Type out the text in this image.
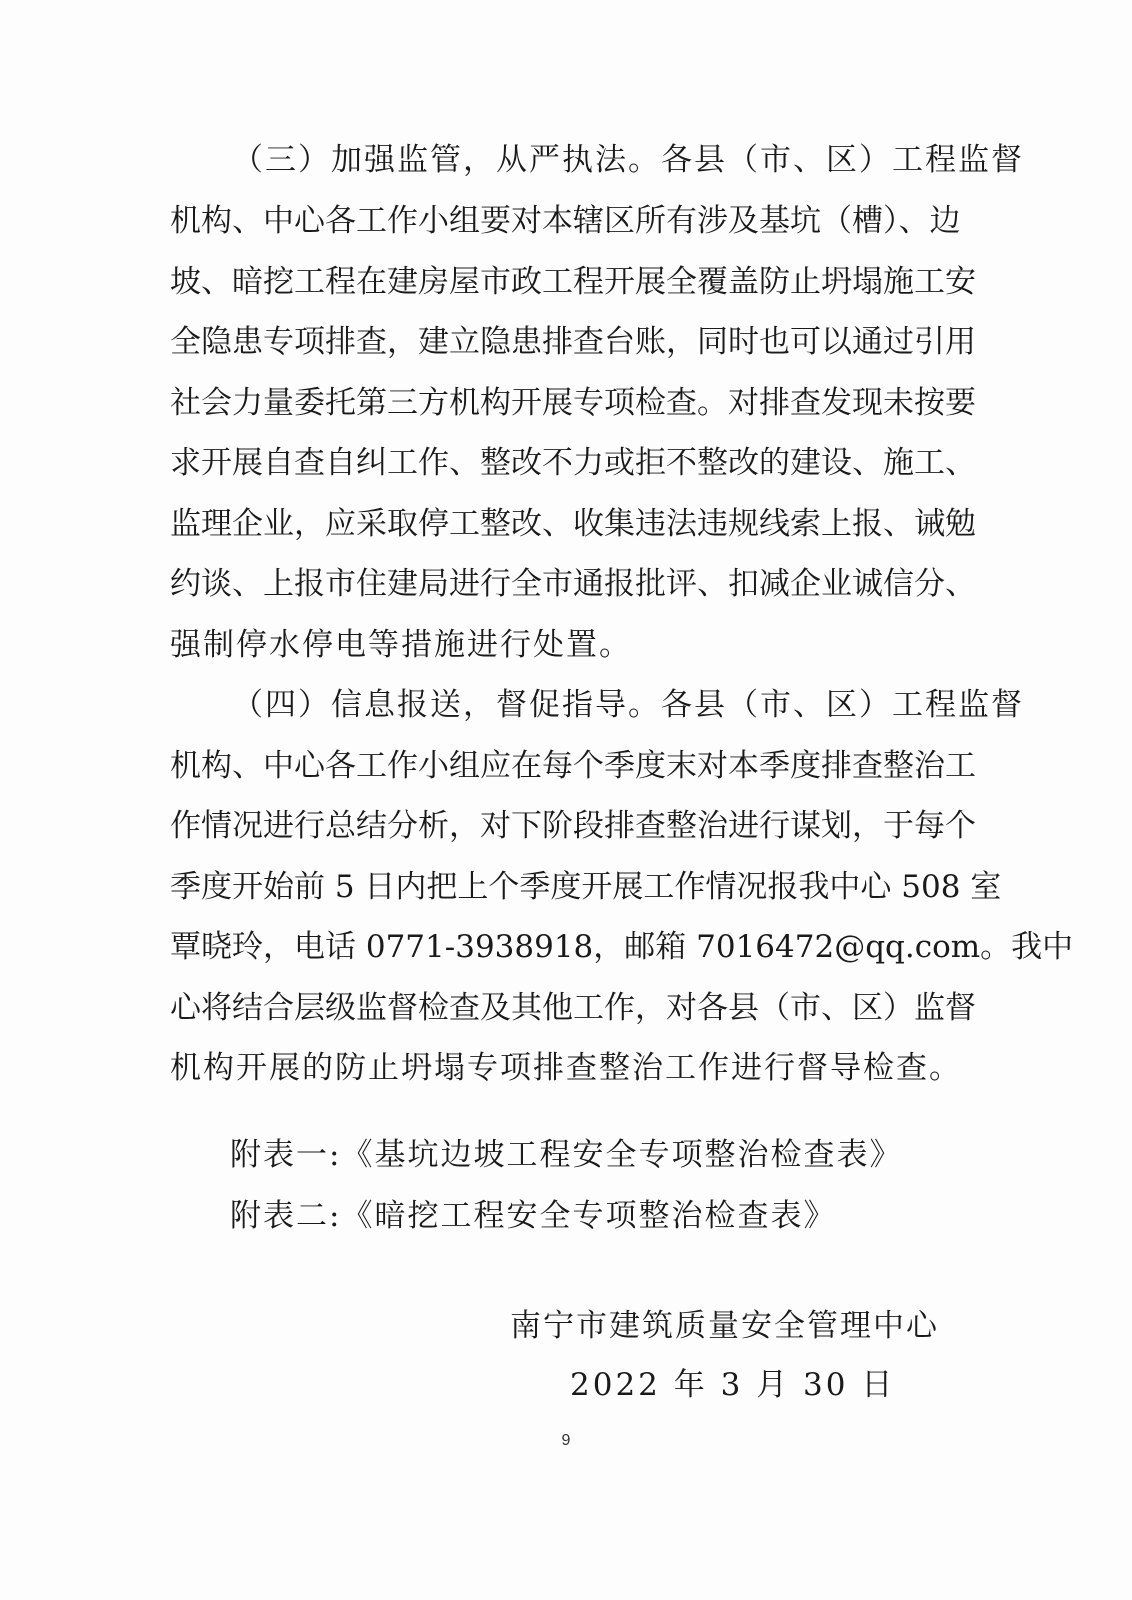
（三）加强监管，从严执法。各县（市、区）工程监督
机构、中心各工作小组要对本辖区所有涉及基坑（槽）、边
坡、暗挖工程在建房屋市政工程开展全覆盖防止坍塌施工安
全隐患专项排查，建立隐患排查台账，同时也可以通过引用
社会力量委托第三方机构开展专项检查。对排查发现未按要
求开展自查自纠工作、整改不力或拒不整改的建设、施工、
监理企业，应采取停工整改、收集违法违规线索上报、诫勉
约谈、上报市住建局进行全市通报批评、扣减企业诚信分、
强制停水停电等措施进行处置。
（四）信息报送，督促指导。各县（市、区）工程监督
机构、中心各工作小组应在每个季度末对本季度排查整治工
作情况进行总结分析，对下阶段排查整治进行谋划，于每个
季度开始前 5 日内把上个季度开展工作情况报我中心 508 室
覃晓玲，电话 0771-3938918，邮箱 7016472@qq.com。我中
心将结合层级监督检查及其他工作，对各县（市、区）监督
机构开展的防止坍塌专项排查整治工作进行督导检查。
附表一:《基坑边坡工程安全专项整治检查表》
附表二:《暗挖工程安全专项整治检查表》
南宁市建筑质量安全管理中心
2022 年 3 月 30 日
9
